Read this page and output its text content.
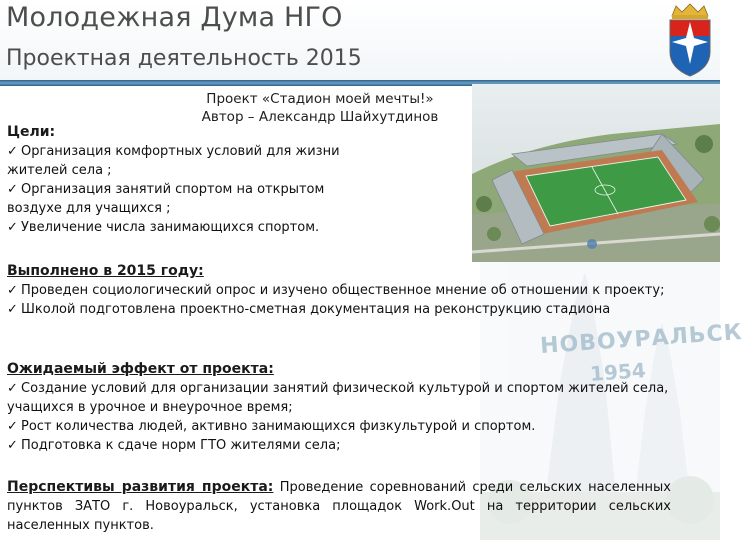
Молодежная Дума НГО
Проектная деятельность 2015
НОВОУРАЛЬСК
1954
Проект «Стадион моей мечты!»
Автор – Александр Шайхутдинов
Цели:
✓ Организация комфортных условий для жизни жителей села ;
✓ Организация занятий спортом на открытом воздухе для учащихся ;
✓ Увеличение числа занимающихся спортом.
Выполнено в 2015 году:
✓ Проведен социологический опрос и изучено общественное мнение об отношении к проекту;
✓ Школой подготовлена проектно-сметная документация на реконструкцию стадиона
Ожидаемый эффект от проекта:
✓ Создание условий для организации занятий физической культурой и спортом жителей села, учащихся в урочное и внеурочное время;
✓ Рост количества людей, активно занимающихся физкультурой и спортом.
✓ Подготовка к сдаче норм ГТО жителями села;
Перспективы развития проекта: Проведение соревнований среди сельских населенных пунктов ЗАТО г. Новоуральск, установка площадок Work.Out на территории сельских населенных пунктов.
